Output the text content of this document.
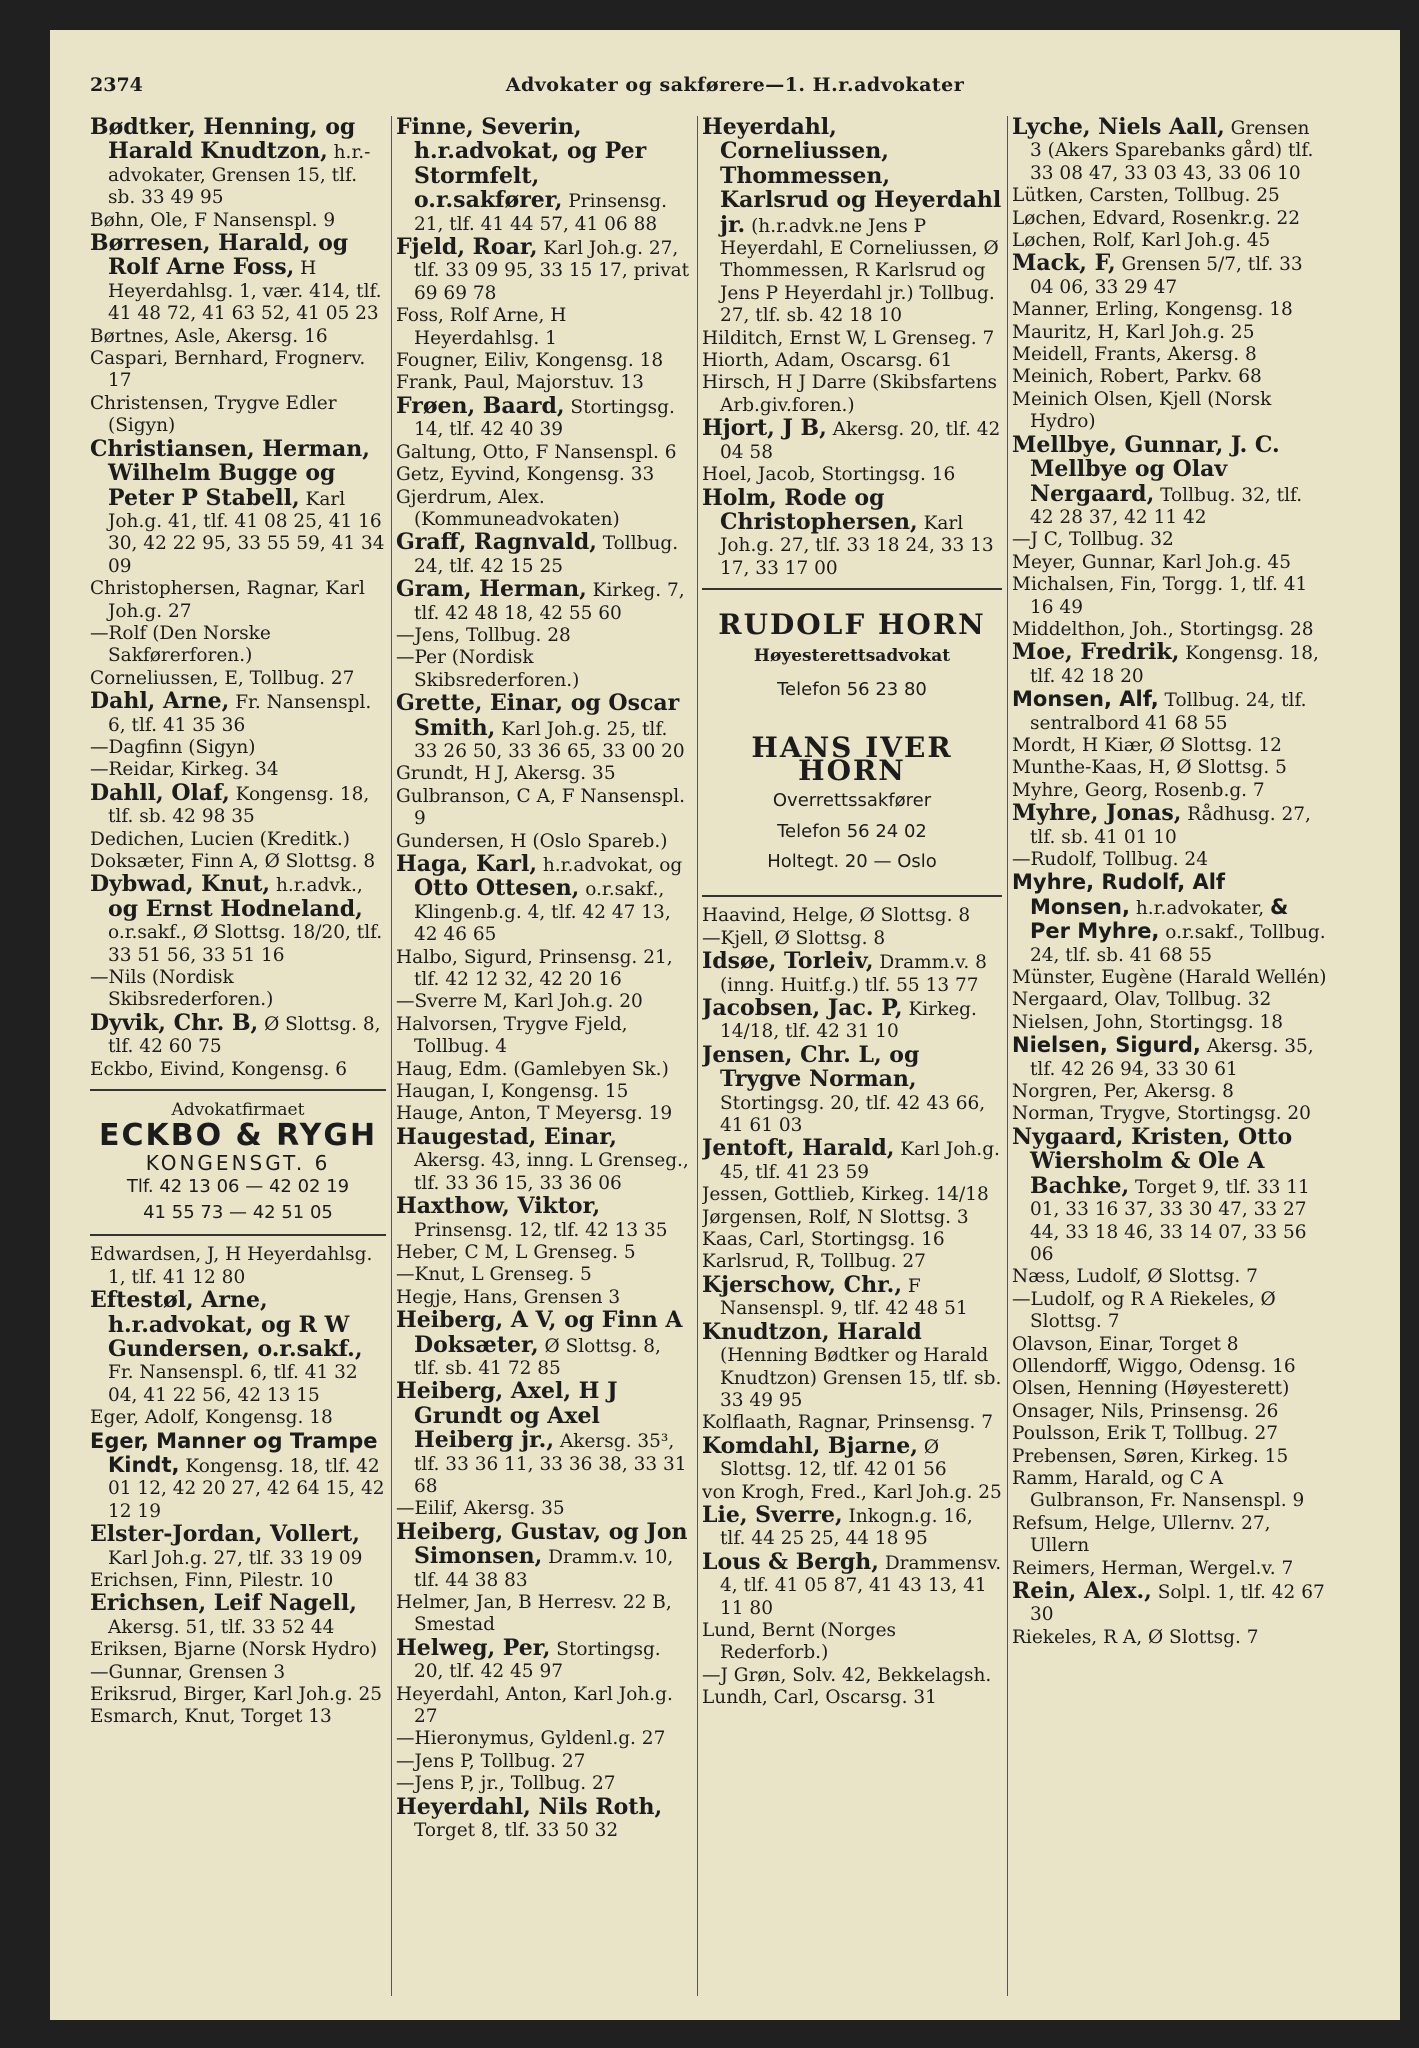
2374	Advokater og sakførere—1. H.r.advokater

Bødtker, Henning, og Harald Knudtzon, h.r.-advokater, Grensen 15, tlf. sb. 33 49 95

Bøhn, Ole, F Nansenspl. 9

Børresen, Harald, og Rolf Arne Foss, H Heyerdahlsg. 1, vær. 414, tlf. 41 48 72, 41 63 52, 41 05 23

Børtnes, Asle, Akersg. 16

Caspari, Bernhard, Frognerv. 17

Christensen, Trygve Edler (Sigyn)

Christiansen, Herman, Wilhelm Bugge og Peter P Stabell, Karl Joh.g. 41, tlf. 41 08 25, 41 16 30, 42 22 95, 33 55 59, 41 34 09

Christophersen, Ragnar, Karl Joh.g. 27

—Rolf (Den Norske Sakførerforen.)

Corneliussen, E, Tollbug. 27

Dahl, Arne, Fr. Nansenspl. 6, tlf. 41 35 36

—Dagfinn (Sigyn)

—Reidar, Kirkeg. 34

Dahll, Olaf, Kongensg. 18, tlf. sb. 42 98 35

Dedichen, Lucien (Kreditk.)

Doksæter, Finn A, Ø Slottsg. 8

Dybwad, Knut, h.r.advk., og Ernst Hodneland, o.r.sakf., Ø Slottsg. 18/20, tlf. 33 51 56, 33 51 16

—Nils (Nordisk Skibsrederforen.)

Dyvik, Chr. B, Ø Slottsg. 8, tlf. 42 60 75

Eckbo, Eivind, Kongensg. 6

Advokatfirmaet
ECKBO & RYGH
KONGENSGT. 6
Tlf. 42 13 06 — 42 02 19
41 55 73 — 42 51 05

Edwardsen, J, H Heyerdahlsg. 1, tlf. 41 12 80

Eftestøl, Arne, h.r.advokat, og R W Gundersen, o.r.sakf., Fr. Nansenspl. 6, tlf. 41 32 04, 41 22 56, 42 13 15

Eger, Adolf, Kongensg. 18

Eger, Manner og Trampe Kindt, Kongensg. 18, tlf. 42 01 12, 42 20 27, 42 64 15, 42 12 19

Elster-Jordan, Vollert, Karl Joh.g. 27, tlf. 33 19 09

Erichsen, Finn, Pilestr. 10

Erichsen, Leif Nagell, Akersg. 51, tlf. 33 52 44

Eriksen, Bjarne (Norsk Hydro)

—Gunnar, Grensen 3

Eriksrud, Birger, Karl Joh.g. 25

Esmarch, Knut, Torget 13

Finne, Severin, h.r.advokat, og Per Stormfelt, o.r.sakfører, Prinsensg. 21, tlf. 41 44 57, 41 06 88

Fjeld, Roar, Karl Joh.g. 27, tlf. 33 09 95, 33 15 17, privat 69 69 78

Foss, Rolf Arne, H Heyerdahlsg. 1

Fougner, Eiliv, Kongensg. 18

Frank, Paul, Majorstuv. 13

Frøen, Baard, Stortingsg. 14, tlf. 42 40 39

Galtung, Otto, F Nansenspl. 6

Getz, Eyvind, Kongensg. 33

Gjerdrum, Alex. (Kommuneadvokaten)

Graff, Ragnvald, Tollbug. 24, tlf. 42 15 25

Gram, Herman, Kirkeg. 7, tlf. 42 48 18, 42 55 60

—Jens, Tollbug. 28

—Per (Nordisk Skibsrederforen.)

Grette, Einar, og Oscar Smith, Karl Joh.g. 25, tlf. 33 26 50, 33 36 65, 33 00 20

Grundt, H J, Akersg. 35

Gulbranson, C A, F Nansenspl. 9

Gundersen, H (Oslo Spareb.)

Haga, Karl, h.r.advokat, og Otto Ottesen, o.r.sakf., Klingenb.g. 4, tlf. 42 47 13, 42 46 65

Halbo, Sigurd, Prinsensg. 21, tlf. 42 12 32, 42 20 16

—Sverre M, Karl Joh.g. 20

Halvorsen, Trygve Fjeld, Tollbug. 4

Haug, Edm. (Gamlebyen Sk.)

Haugan, I, Kongensg. 15

Hauge, Anton, T Meyersg. 19

Haugestad, Einar, Akersg. 43, inng. L Grenseg., tlf. 33 36 15, 33 36 06

Haxthow, Viktor, Prinsensg. 12, tlf. 42 13 35

Heber, C M, L Grenseg. 5

—Knut, L Grenseg. 5

Hegje, Hans, Grensen 3

Heiberg, A V, og Finn A Doksæter, Ø Slottsg. 8, tlf. sb. 41 72 85

Heiberg, Axel, H J Grundt og Axel Heiberg jr., Akersg. 35³, tlf. 33 36 11, 33 36 38, 33 31 68

—Eilif, Akersg. 35

Heiberg, Gustav, og Jon Simonsen, Dramm.v. 10, tlf. 44 38 83

Helmer, Jan, B Herresv. 22 B, Smestad

Helweg, Per, Stortingsg. 20, tlf. 42 45 97

Heyerdahl, Anton, Karl Joh.g. 27

—Hieronymus, Gyldenl.g. 27

—Jens P, Tollbug. 27

—Jens P, jr., Tollbug. 27

Heyerdahl, Nils Roth, Torget 8, tlf. 33 50 32

Heyerdahl, Corneliussen, Thommessen, Karlsrud og Heyerdahl jr. (h.r.advk.ne Jens P Heyerdahl, E Corneliussen, Ø Thommessen, R Karlsrud og Jens P Heyerdahl jr.) Tollbug. 27, tlf. sb. 42 18 10

Hilditch, Ernst W, L Grenseg. 7

Hiorth, Adam, Oscarsg. 61

Hirsch, H J Darre (Skibsfartens Arb.giv.foren.)

Hjort, J B, Akersg. 20, tlf. 42 04 58

Hoel, Jacob, Stortingsg. 16

Holm, Rode og Christophersen, Karl Joh.g. 27, tlf. 33 18 24, 33 13 17, 33 17 00

RUDOLF HORN
Høyesterettsadvokat
Telefon 56 23 80
HANS IVER HORN
Overrettssakfører
Telefon 56 24 02
Holtegt. 20 — Oslo

Haavind, Helge, Ø Slottsg. 8

—Kjell, Ø Slottsg. 8

Idsøe, Torleiv, Dramm.v. 8 (inng. Huitf.g.) tlf. 55 13 77

Jacobsen, Jac. P, Kirkeg. 14/18, tlf. 42 31 10

Jensen, Chr. L, og Trygve Norman, Stortingsg. 20, tlf. 42 43 66, 41 61 03

Jentoft, Harald, Karl Joh.g. 45, tlf. 41 23 59

Jessen, Gottlieb, Kirkeg. 14/18

Jørgensen, Rolf, N Slottsg. 3

Kaas, Carl, Stortingsg. 16

Karlsrud, R, Tollbug. 27

Kjerschow, Chr., F Nansenspl. 9, tlf. 42 48 51

Knudtzon, Harald (Henning Bødtker og Harald Knudtzon) Grensen 15, tlf. sb. 33 49 95

Kolflaath, Ragnar, Prinsensg. 7

Komdahl, Bjarne, Ø Slottsg. 12, tlf. 42 01 56

von Krogh, Fred., Karl Joh.g. 25

Lie, Sverre, Inkogn.g. 16, tlf. 44 25 25, 44 18 95

Lous & Bergh, Drammensv. 4, tlf. 41 05 87, 41 43 13, 41 11 80

Lund, Bernt (Norges Rederforb.)

—J Grøn, Solv. 42, Bekkelagsh.

Lundh, Carl, Oscarsg. 31

Lyche, Niels Aall, Grensen 3 (Akers Sparebanks gård) tlf. 33 08 47, 33 03 43, 33 06 10

Lütken, Carsten, Tollbug. 25

Løchen, Edvard, Rosenkr.g. 22

Løchen, Rolf, Karl Joh.g. 45

Mack, F, Grensen 5/7, tlf. 33 04 06, 33 29 47

Manner, Erling, Kongensg. 18

Mauritz, H, Karl Joh.g. 25

Meidell, Frants, Akersg. 8

Meinich, Robert, Parkv. 68

Meinich Olsen, Kjell (Norsk Hydro)

Mellbye, Gunnar, J. C. Mellbye og Olav Nergaard, Tollbug. 32, tlf. 42 28 37, 42 11 42

—J C, Tollbug. 32

Meyer, Gunnar, Karl Joh.g. 45

Michalsen, Fin, Torgg. 1, tlf. 41 16 49

Middelthon, Joh., Stortingsg. 28

Moe, Fredrik, Kongensg. 18, tlf. 42 18 20

Monsen, Alf, Tollbug. 24, tlf. sentralbord 41 68 55

Mordt, H Kiær, Ø Slottsg. 12

Munthe-Kaas, H, Ø Slottsg. 5

Myhre, Georg, Rosenb.g. 7

Myhre, Jonas, Rådhusg. 27, tlf. sb. 41 01 10

—Rudolf, Tollbug. 24

Myhre, Rudolf, Alf Monsen, h.r.advokater, & Per Myhre, o.r.sakf., Tollbug. 24, tlf. sb. 41 68 55

Münster, Eugène (Harald Wellén)

Nergaard, Olav, Tollbug. 32

Nielsen, John, Stortingsg. 18

Nielsen, Sigurd, Akersg. 35, tlf. 42 26 94, 33 30 61

Norgren, Per, Akersg. 8

Norman, Trygve, Stortingsg. 20

Nygaard, Kristen, Otto Wiersholm & Ole A Bachke, Torget 9, tlf. 33 11 01, 33 16 37, 33 30 47, 33 27 44, 33 18 46, 33 14 07, 33 56 06

Næss, Ludolf, Ø Slottsg. 7

—Ludolf, og R A Riekeles, Ø Slottsg. 7

Olavson, Einar, Torget 8

Ollendorff, Wiggo, Odensg. 16

Olsen, Henning (Høyesterett)

Onsager, Nils, Prinsensg. 26

Poulsson, Erik T, Tollbug. 27

Prebensen, Søren, Kirkeg. 15

Ramm, Harald, og C A Gulbranson, Fr. Nansenspl. 9

Refsum, Helge, Ullernv. 27, Ullern

Reimers, Herman, Wergel.v. 7

Rein, Alex., Solpl. 1, tlf. 42 67 30

Riekeles, R A, Ø Slottsg. 7
